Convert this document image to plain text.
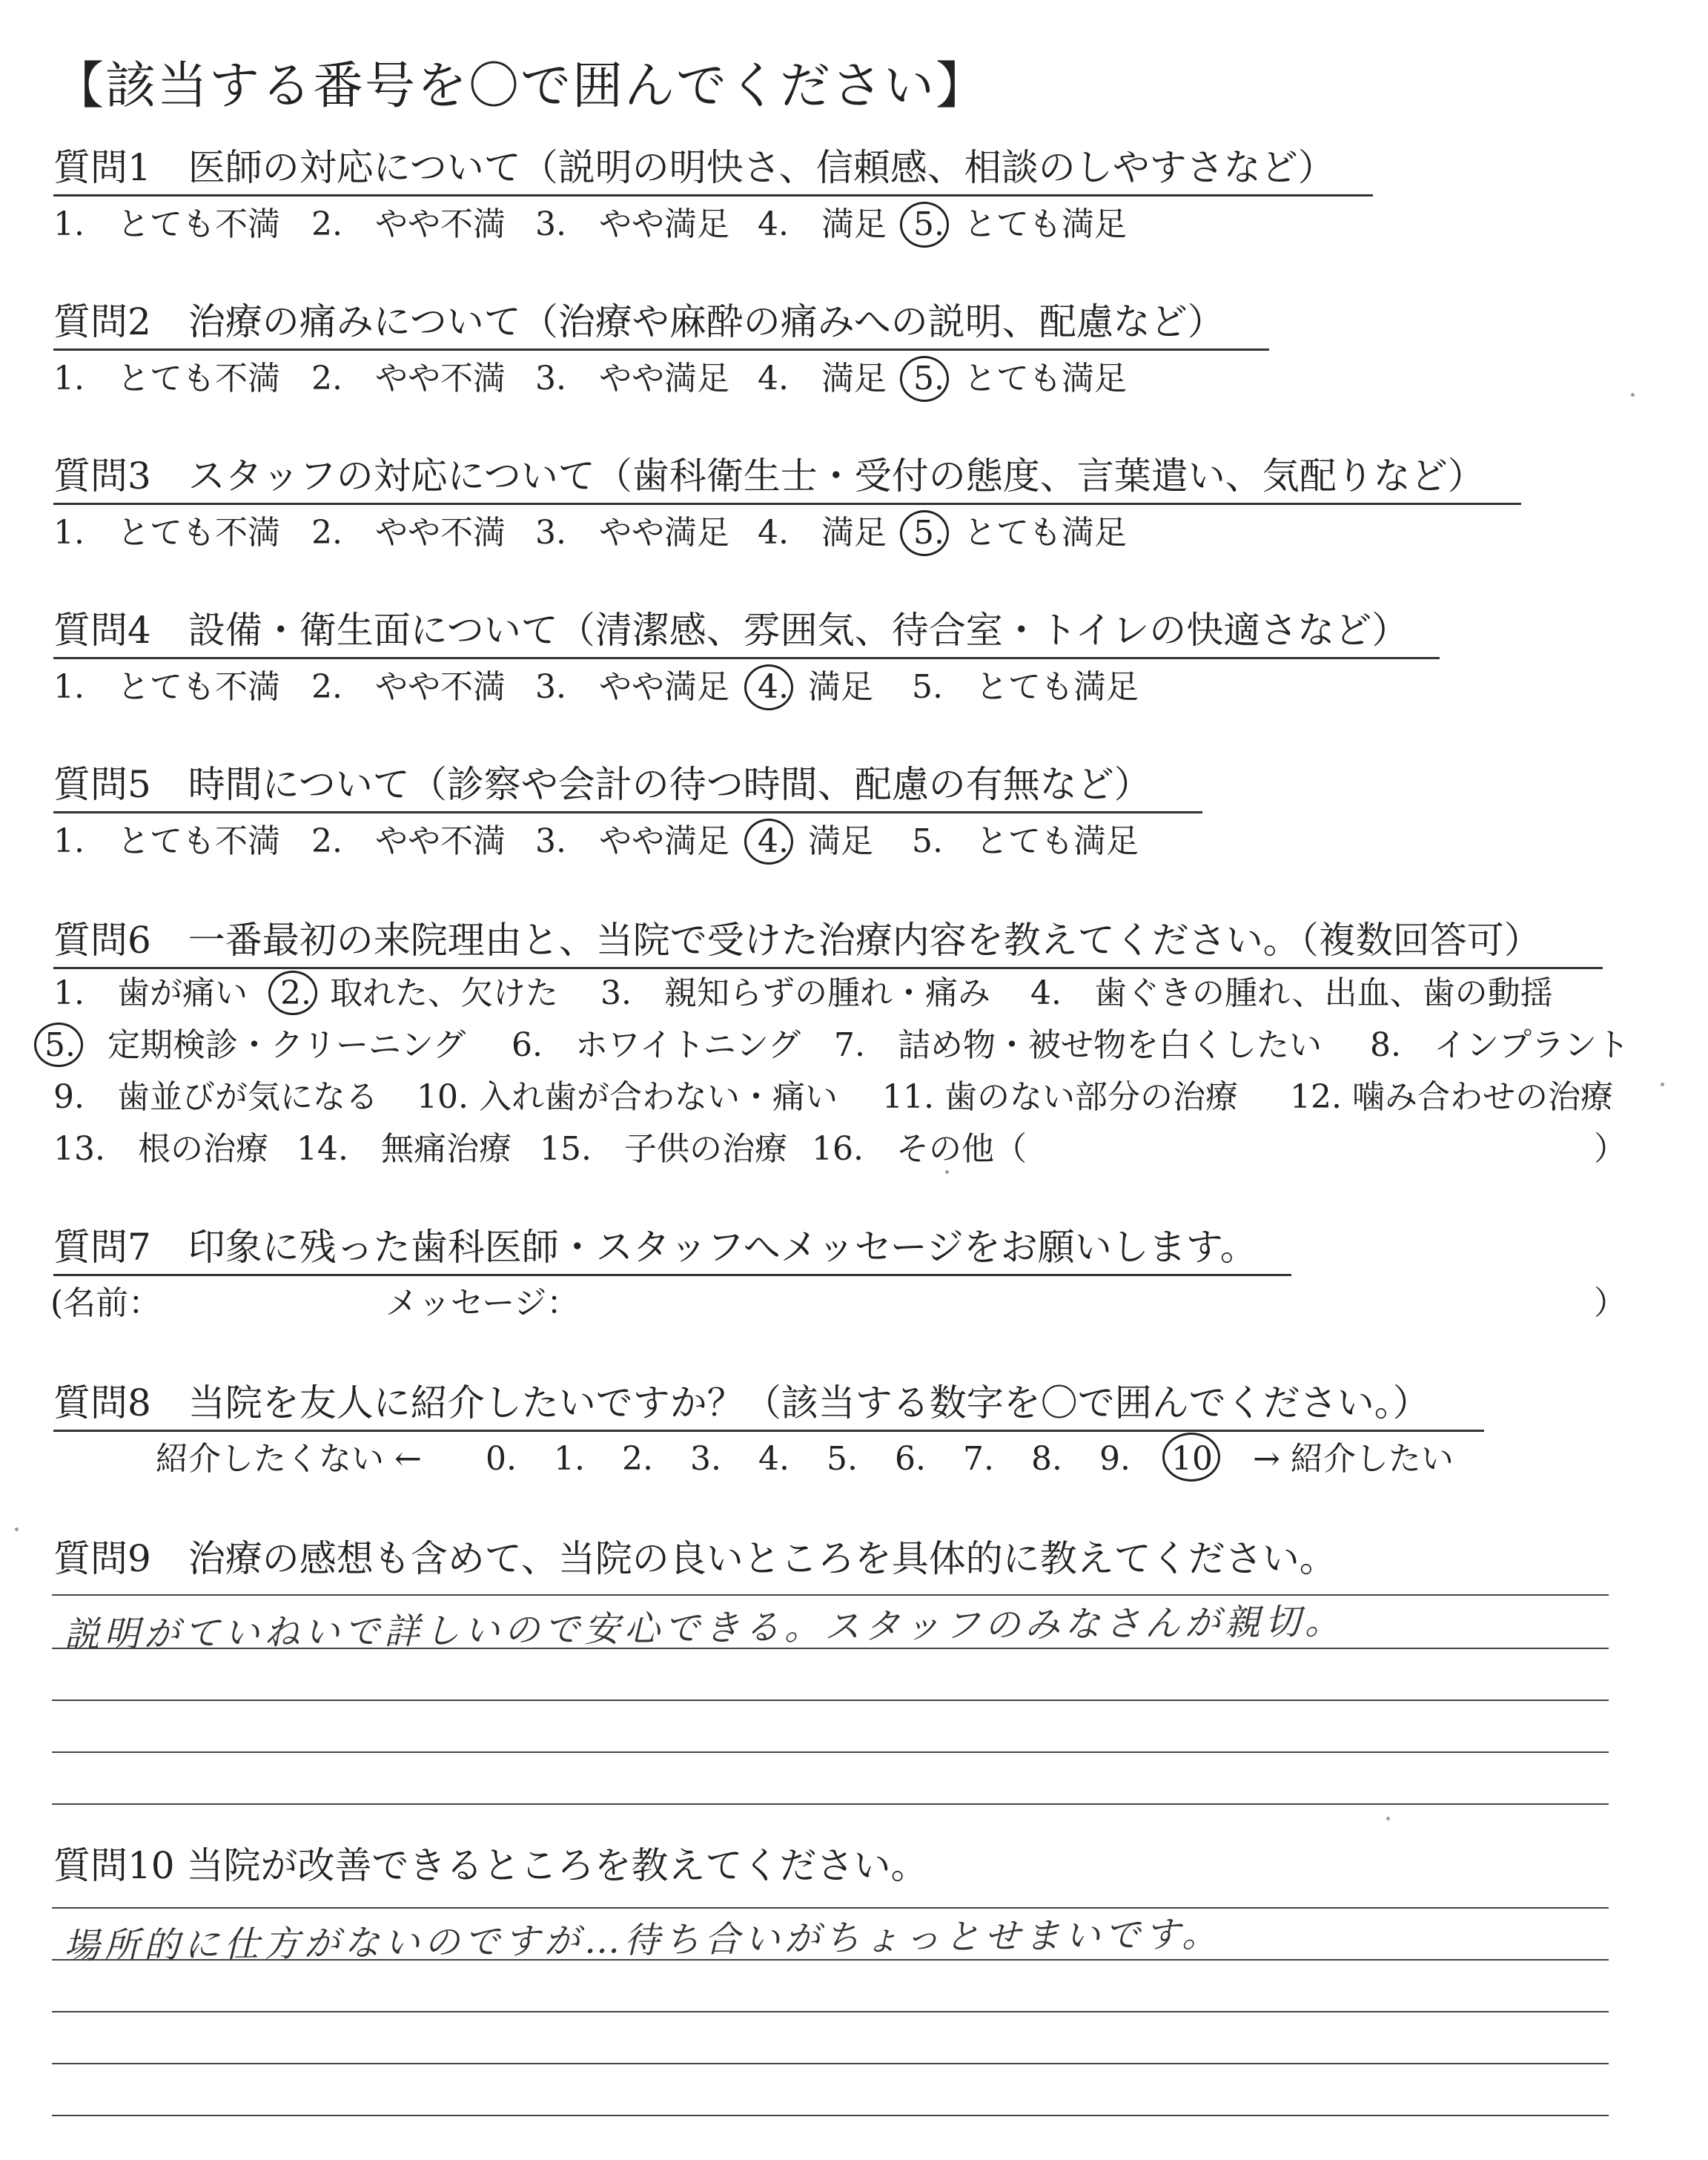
【該当する番号を〇で囲んでください】
質問1　医師の対応について（説明の明快さ、信頼感、相談のしやすさなど）
1.　とても不満 2.　やや不満 3.　やや満足 4.　満足 5. とても満足
質問2　治療の痛みについて（治療や麻酔の痛みへの説明、配慮など）
1.　とても不満 2.　やや不満 3.　やや満足 4.　満足 5. とても満足
質問3　スタッフの対応について（歯科衛生士・受付の態度、言葉遣い、気配りなど）
1.　とても不満 2.　やや不満 3.　やや満足 4.　満足 5. とても満足
質問4　設備・衛生面について（清潔感、雰囲気、待合室・トイレの快適さなど）
1.　とても不満 2.　やや不満 3.　やや満足 4. 満足 5.　とても満足
質問5　時間について（診察や会計の待つ時間、配慮の有無など）
1.　とても不満 2.　やや不満 3.　やや満足 4. 満足 5.　とても満足
質問6　一番最初の来院理由と、当院で受けた治療内容を教えてください。（複数回答可）
1.　歯が痛い 2. 取れた、欠けた 3.　親知らずの腫れ・痛み 4.　歯ぐきの腫れ、出血、歯の動揺
5. 定期検診・クリーニング 6.　ホワイトニング 7.　詰め物・被せ物を白くしたい 8.　インプラント
9.　歯並びが気になる 10. 入れ歯が合わない・痛い 11. 歯のない部分の治療 12. 噛み合わせの治療
13.　根の治療 14.　無痛治療 15.　子供の治療 16.　その他（	）
質問7　印象に残った歯科医師・スタッフへメッセージをお願いします。
(名前：	メッセージ：	）
質問8　当院を友人に紹介したいですか？（該当する数字を〇で囲んでください。）
紹介したくない ← 0. 1. 2. 3. 4. 5. 6. 7. 8. 9. 10 → 紹介したい
質問9　治療の感想も含めて、当院の良いところを具体的に教えてください。
説明がていねいで詳しいので安心できる。スタッフのみなさんが親切。
質問10 当院が改善できるところを教えてください。
場所的に仕方がないのですが…待ち合いがちょっとせまいです。
